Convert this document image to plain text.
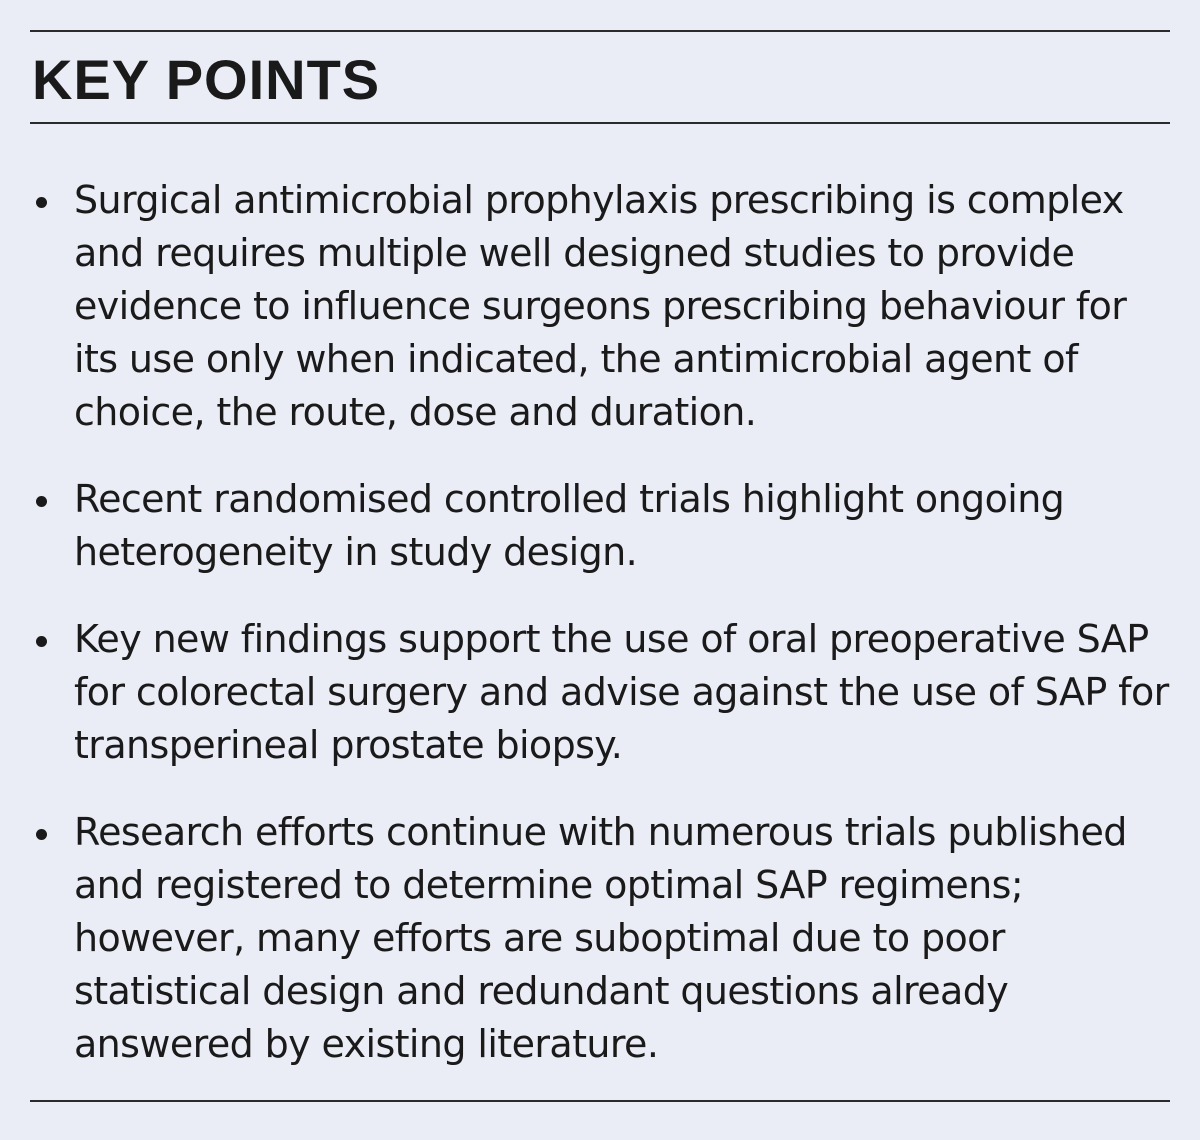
KEY POINTS
Surgical antimicrobial prophylaxis prescribing is complex and requires multiple well designed studies to provide evidence to influence surgeons prescribing behaviour for its use only when indicated, the antimicrobial agent of choice, the route, dose and duration.
Recent randomised controlled trials highlight ongoing heterogeneity in study design.
Key new findings support the use of oral preoperative SAP for colorectal surgery and advise against the use of SAP for transperineal prostate biopsy.
Research efforts continue with numerous trials published and registered to determine optimal SAP regimens; however, many efforts are suboptimal due to poor statistical design and redundant questions already answered by existing literature.
